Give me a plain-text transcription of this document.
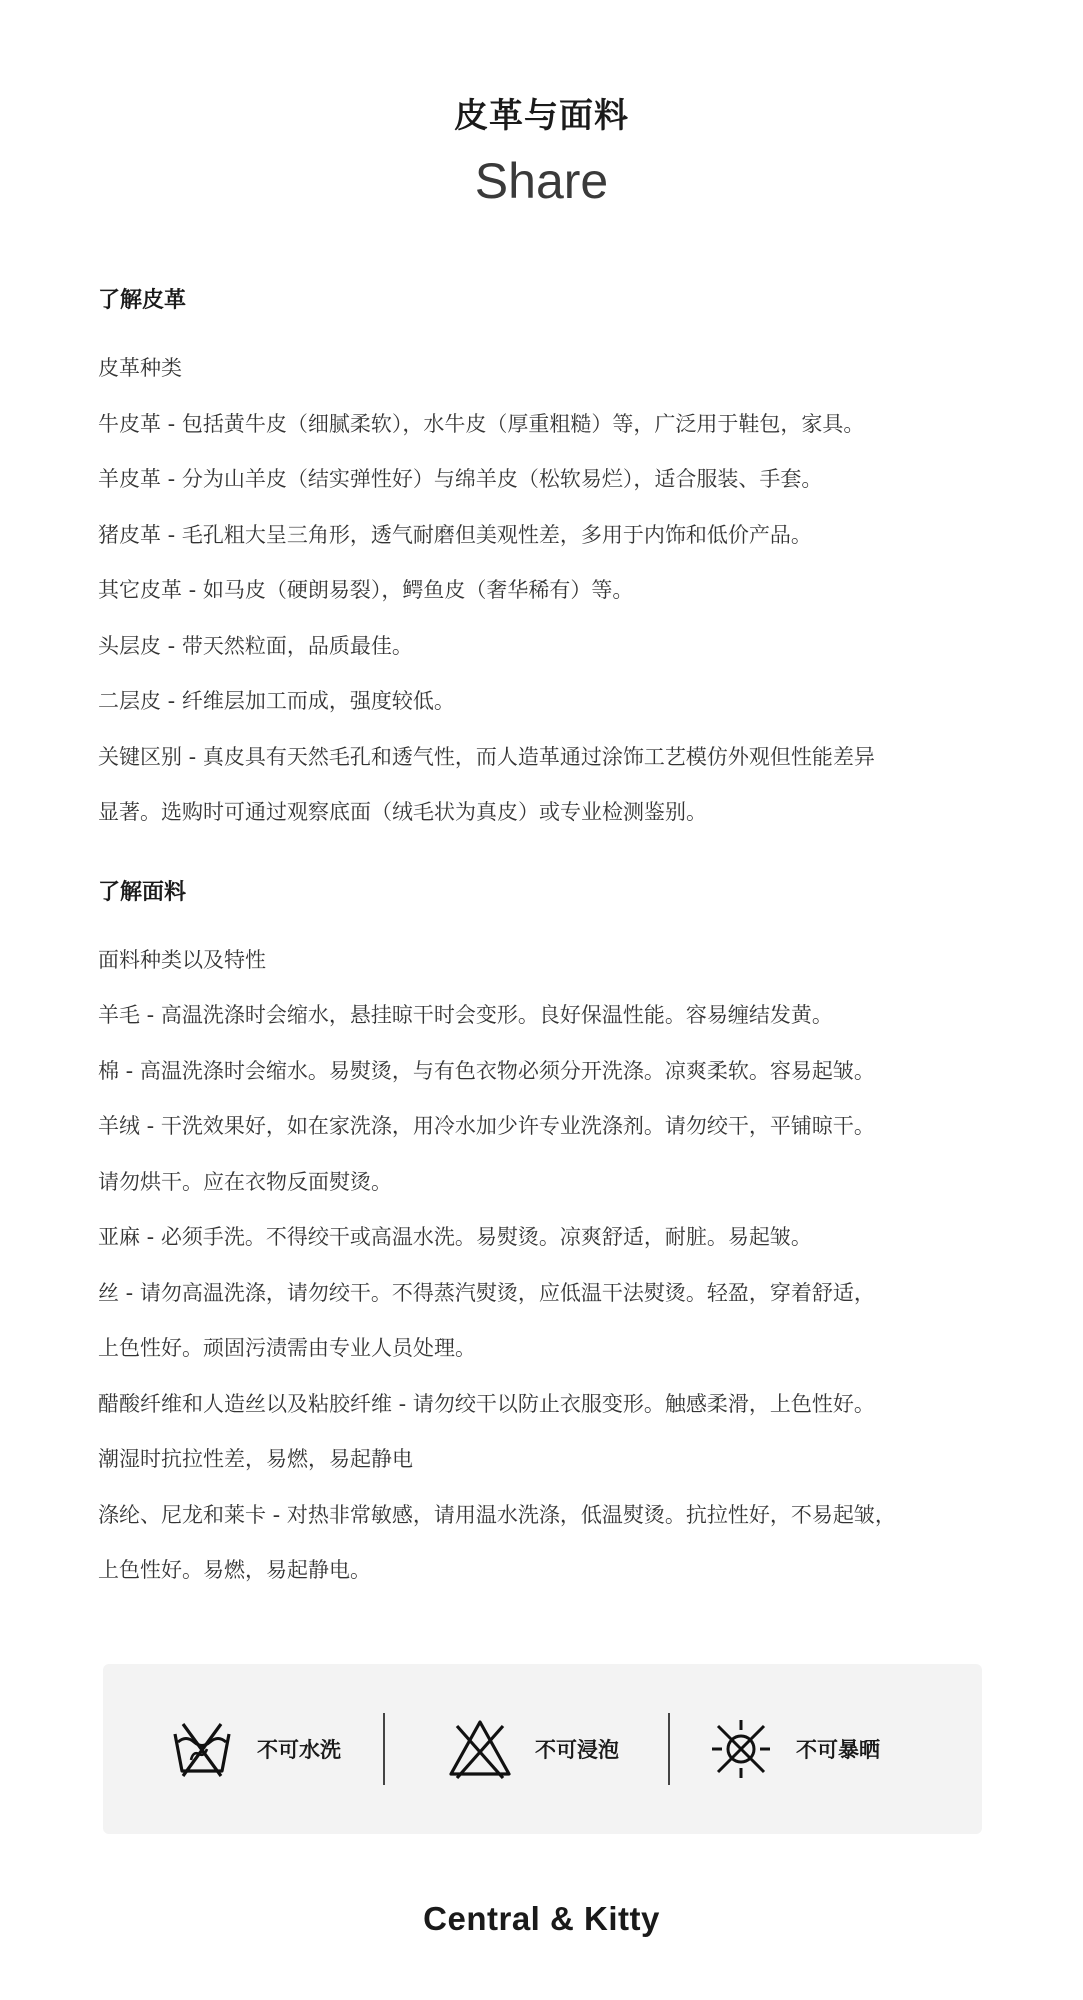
皮革与面料
Share
了解皮革
皮革种类
牛皮革 - 包括黄牛皮（细腻柔软），水牛皮（厚重粗糙）等，广泛用于鞋包，家具。
羊皮革 - 分为山羊皮（结实弹性好）与绵羊皮（松软易烂），适合服装、手套。
猪皮革 - 毛孔粗大呈三角形，透气耐磨但美观性差，多用于内饰和低价产品。
其它皮革 - 如马皮（硬朗易裂），鳄鱼皮（奢华稀有）等。
头层皮 - 带天然粒面，品质最佳。
二层皮 - 纤维层加工而成，强度较低。
关键区别 - 真皮具有天然毛孔和透气性，而人造革通过涂饰工艺模仿外观但性能差异
显著。选购时可通过观察底面（绒毛状为真皮）或专业检测鉴别。
了解面料
面料种类以及特性
羊毛 - 高温洗涤时会缩水，悬挂晾干时会变形。良好保温性能。容易缠结发黄。
棉 - 高温洗涤时会缩水。易熨烫，与有色衣物必须分开洗涤。凉爽柔软。容易起皱。
羊绒 - 干洗效果好，如在家洗涤，用冷水加少许专业洗涤剂。请勿绞干，平铺晾干。
请勿烘干。应在衣物反面熨烫。
亚麻 - 必须手洗。不得绞干或高温水洗。易熨烫。凉爽舒适，耐脏。易起皱。
丝 - 请勿高温洗涤，请勿绞干。不得蒸汽熨烫，应低温干法熨烫。轻盈，穿着舒适，
上色性好。顽固污渍需由专业人员处理。
醋酸纤维和人造丝以及粘胶纤维 - 请勿绞干以防止衣服变形。触感柔滑，上色性好。
潮湿时抗拉性差，易燃，易起静电
涤纶、尼龙和莱卡 - 对热非常敏感，请用温水洗涤，低温熨烫。抗拉性好，不易起皱，
上色性好。易燃，易起静电。
不可水洗	不可浸泡	不可暴晒
Central & Kitty
